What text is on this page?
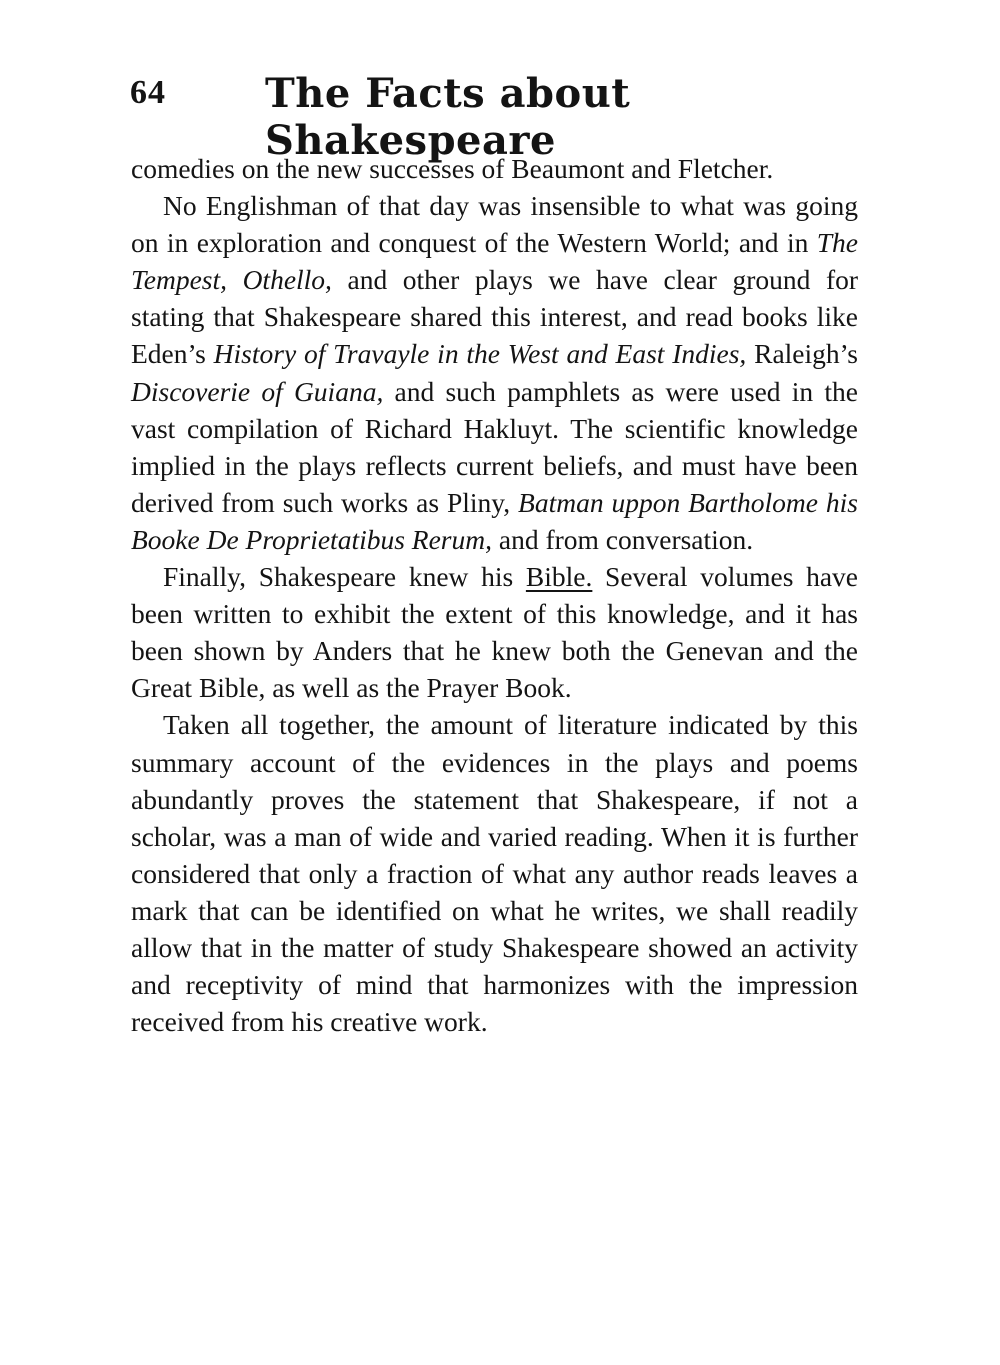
64 The Facts about Shakespeare

comedies on the new successes of Beaumont and Fletcher.

No Englishman of that day was insensible to what was going on in exploration and conquest of the Western World; and in The Tempest, Othello, and other plays we have clear ground for stating that Shakespeare shared this interest, and read books like Eden’s History of Travayle in the West and East Indies, Raleigh’s Discoverie of Guiana, and such pamphlets as were used in the vast compilation of Richard Hakluyt. The scientific knowledge implied in the plays reflects current beliefs, and must have been derived from such works as Pliny, Batman uppon Bartholome his Booke De Proprietatibus Rerum, and from conversation.

Finally, Shakespeare knew his Bible. Several volumes have been written to exhibit the extent of this knowledge, and it has been shown by Anders that he knew both the Genevan and the Great Bible, as well as the Prayer Book.

Taken all together, the amount of literature indicated by this summary account of the evidences in the plays and poems abundantly proves the statement that Shakespeare, if not a scholar, was a man of wide and varied reading. When it is further considered that only a fraction of what any author reads leaves a mark that can be identified on what he writes, we shall readily allow that in the matter of study Shakespeare showed an activity and receptivity of mind that harmonizes with the impression received from his creative work.
